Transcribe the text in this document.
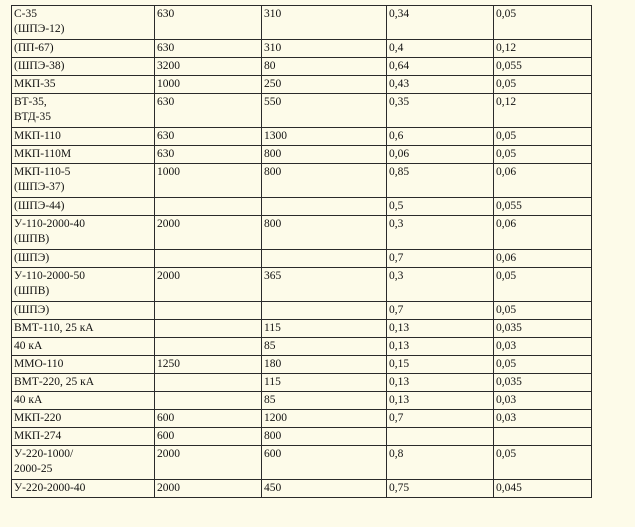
С-35
(ШПЭ-12)	630	310	0,34	0,05
(ПП-67)	630	310	0,4	0,12
(ШПЭ-38)	3200	80	0,64	0,055
МКП-35	1000	250	0,43	0,05
ВТ-35,
ВТД-35	630	550	0,35	0,12
МКП-110	630	1300	0,6	0,05
МКП-110М	630	800	0,06	0,05
МКП-110-5
(ШПЭ-37)	1000	800	0,85	0,06
(ШПЭ-44)			0,5	0,055
У-110-2000-40
(ШПВ)	2000	800	0,3	0,06
(ШПЭ)			0,7	0,06
У-110-2000-50
(ШПВ)	2000	365	0,3	0,05
(ШПЭ)			0,7	0,05
ВМТ-110, 25 кА		115	0,13	0,035
40 кА		85	0,13	0,03
ММО-110	1250	180	0,15	0,05
ВМТ-220, 25 кА		115	0,13	0,035
40 кА		85	0,13	0,03
МКП-220	600	1200	0,7	0,03
МКП-274	600	800		
У-220-1000/
2000-25	2000	600	0,8	0,05
У-220-2000-40	2000	450	0,75	0,045
